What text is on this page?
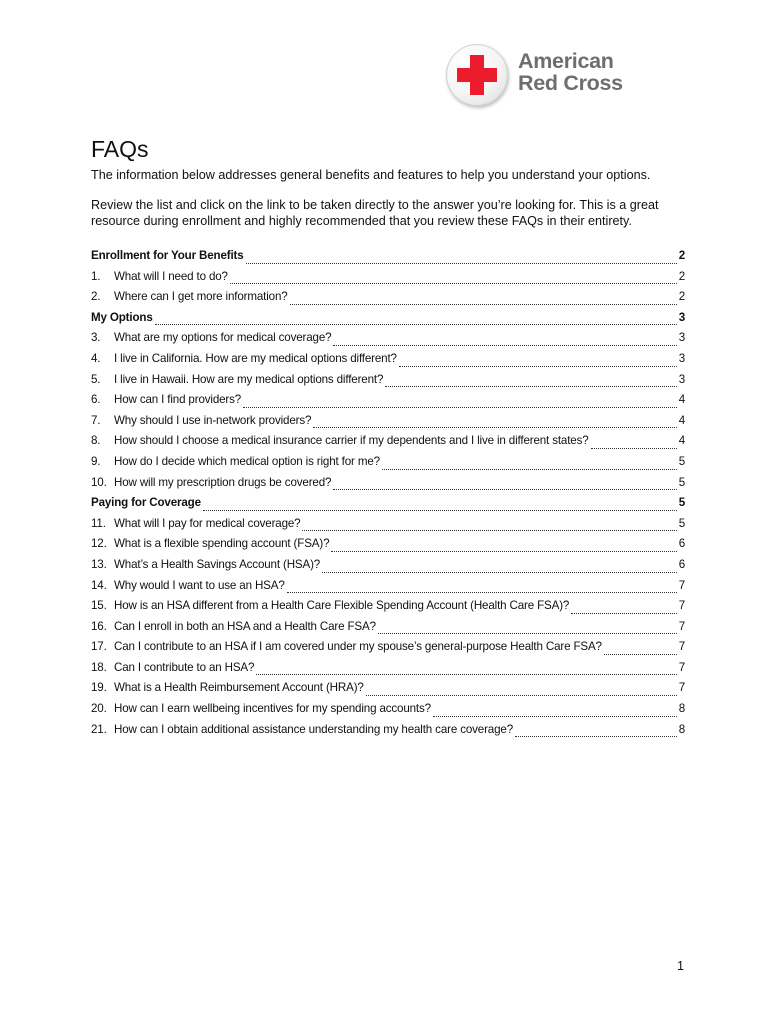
American
Red Cross
FAQs

The information below addresses general benefits and features to help you understand your options.

Review the list and click on the link to be taken directly to the answer you’re looking for. This is a great resource during enrollment and highly recommended that you review these FAQs in their entirety.

Enrollment for Your Benefits	2
1.	What will I need to do?	2
2.	Where can I get more information?	2
My Options	3
3.	What are my options for medical coverage?	3
4.	I live in California. How are my medical options different?	3
5.	I live in Hawaii. How are my medical options different?	3
6.	How can I find providers?	4
7.	Why should I use in-network providers?	4
8.	How should I choose a medical insurance carrier if my dependents and I live in different states?	4
9.	How do I decide which medical option is right for me?	5
10. How will my prescription drugs be covered?	5
Paying for Coverage	5
11. What will I pay for medical coverage?	5
12. What is a flexible spending account (FSA)?	6
13. What’s a Health Savings Account (HSA)?	6
14. Why would I want to use an HSA?	7
15. How is an HSA different from a Health Care Flexible Spending Account (Health Care FSA)?	7
16. Can I enroll in both an HSA and a Health Care FSA?	7
17. Can I contribute to an HSA if I am covered under my spouse’s general-purpose Health Care FSA?	7
18. Can I contribute to an HSA?	7
19. What is a Health Reimbursement Account (HRA)?	7
20. How can I earn wellbeing incentives for my spending accounts?	8
21. How can I obtain additional assistance understanding my health care coverage?	8
1
